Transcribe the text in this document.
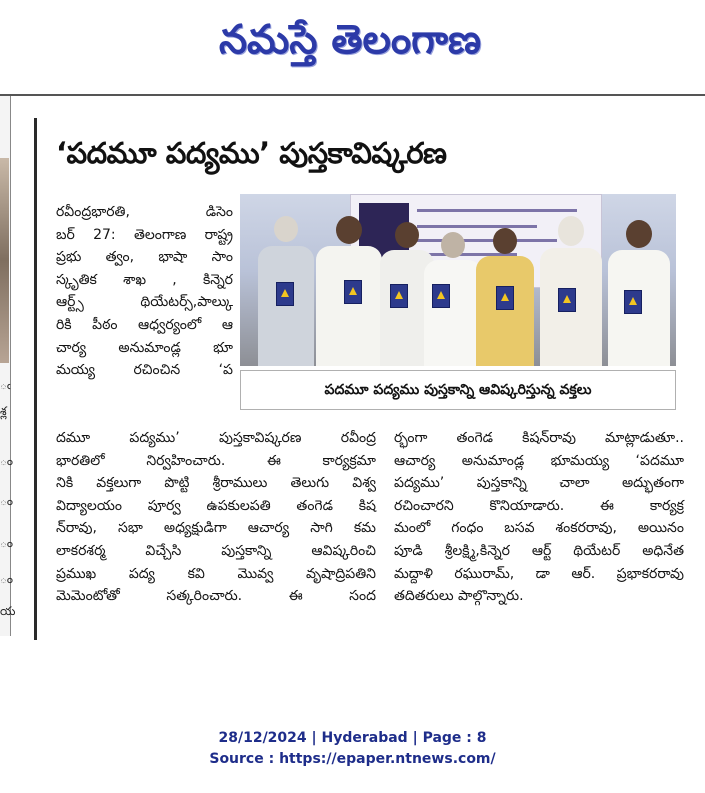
నమస్తే తెలంగాణ
ఁ
శ్ల
ం
ం
ం
ం
య
‘పదమూ పద్యము’ పుస్తకావిష్కరణ
రవీంద్రభారతి, డిసెం
బర్ 27: తెలంగాణ రాష్ట్ర
ప్రభు త్వం, భాషా సాం
స్కృతిక శాఖ , కిన్నెర
ఆర్ట్స్ థియేటర్స్,పాల్కు
రికి పీఠం ఆధ్వర్యంలో ఆ
చార్య అనుమాండ్ల భూ
మయ్య రచించిన ‘ప
పదమూ పద్యము పుస్తకాన్ని ఆవిష్కరిస్తున్న వక్తలు
దమూ పద్యము’ పుస్తకావిష్కరణ రవీంద్ర
భారతిలో నిర్వహించారు. ఈ కార్యక్రమా
నికి వక్తలుగా పొట్టి శ్రీరాములు తెలుగు విశ్వ
విద్యాలయం పూర్వ ఉపకులపతి తంగెడ కిష
న్‌రావు, సభా అధ్యక్షుడిగా ఆచార్య సాగి కమ
లాకరశర్మ విచ్చేసి పుస్తకాన్ని ఆవిష్కరించి
ప్రముఖ పద్య కవి మొవ్వ వృషాద్రిపతిని
మెమెంటోతో సత్కరించారు. ఈ సంద
ర్భంగా తంగెడ కిషన్‌రావు మాట్లాడుతూ..
ఆచార్య అనుమాండ్ల భూమయ్య ‘పదమూ
పద్యము’ పుస్తకాన్ని చాలా అద్భుతంగా
రచించారని కొనియాడారు. ఈ కార్యక్ర
మంలో గంధం బసవ శంకరరావు, అయినం
పూడి శ్రీలక్ష్మి,కిన్నెర ఆర్ట్ థియేటర్ అధినేత
మద్దాళి రఘురామ్, డా ఆర్. ప్రభాకరరావు
తదితరులు పాల్గొన్నారు.
28/12/2024 | Hyderabad | Page : 8
Source : https://epaper.ntnews.com/
